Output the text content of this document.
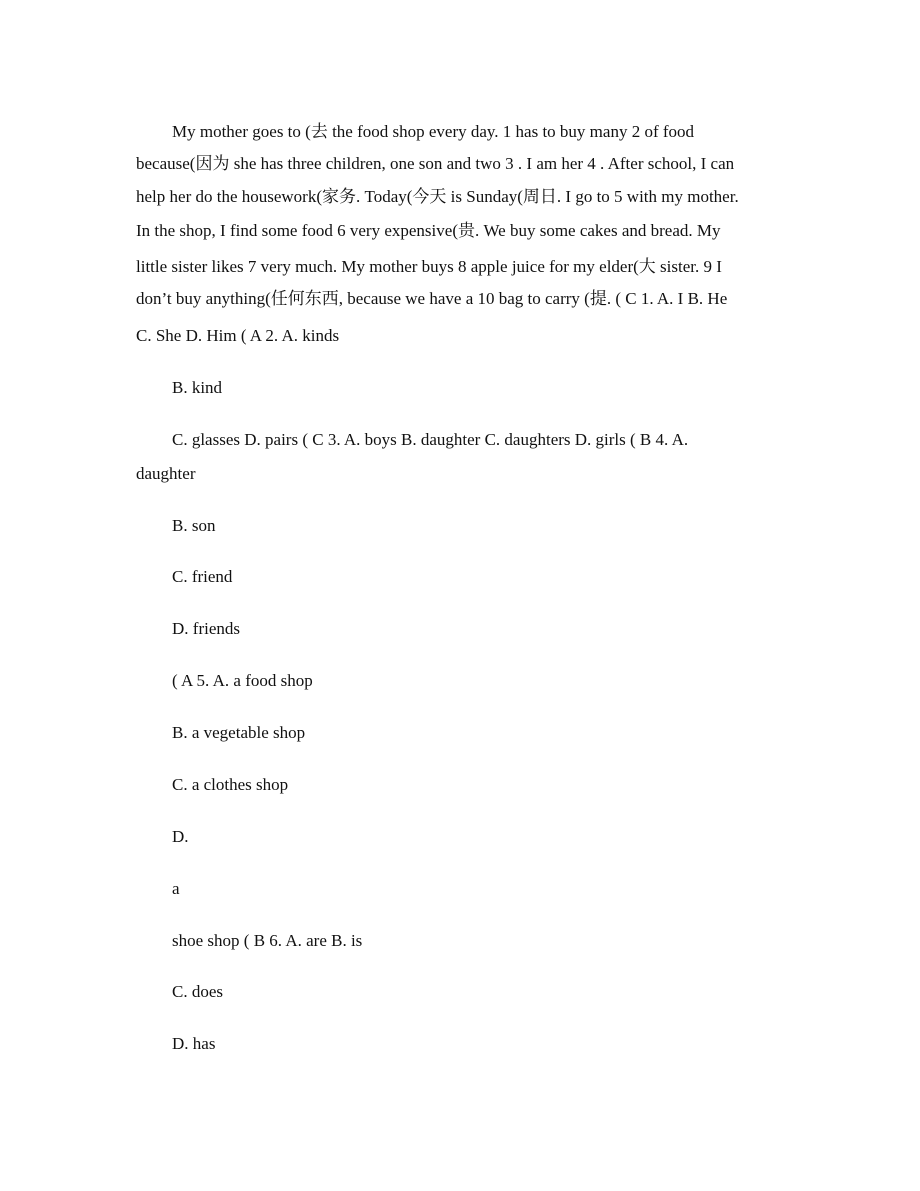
My mother goes to (去 the food shop every day. 1 has to buy many 2 of food
because(因为 she has three children, one son and two 3 . I am her 4 . After school, I can
help her do the housework(家务. Today(今天 is Sunday(周日. I go to 5 with my mother.
In the shop, I find some food 6 very expensive(贵. We buy some cakes and bread. My
little sister likes 7 very much. My mother buys 8 apple juice for my elder(大 sister. 9 I
don’t buy anything(任何东西, because we have a 10 bag to carry (提. ( C 1. A. I B. He
C. She D. Him ( A 2. A. kinds
B. kind
C. glasses D. pairs ( C 3. A. boys B. daughter C. daughters D. girls ( B 4. A.
daughter
B. son
C. friend
D. friends
( A 5. A. a food shop
B. a vegetable shop
C. a clothes shop
D.
a
shoe shop ( B 6. A. are B. is
C. does
D. has
